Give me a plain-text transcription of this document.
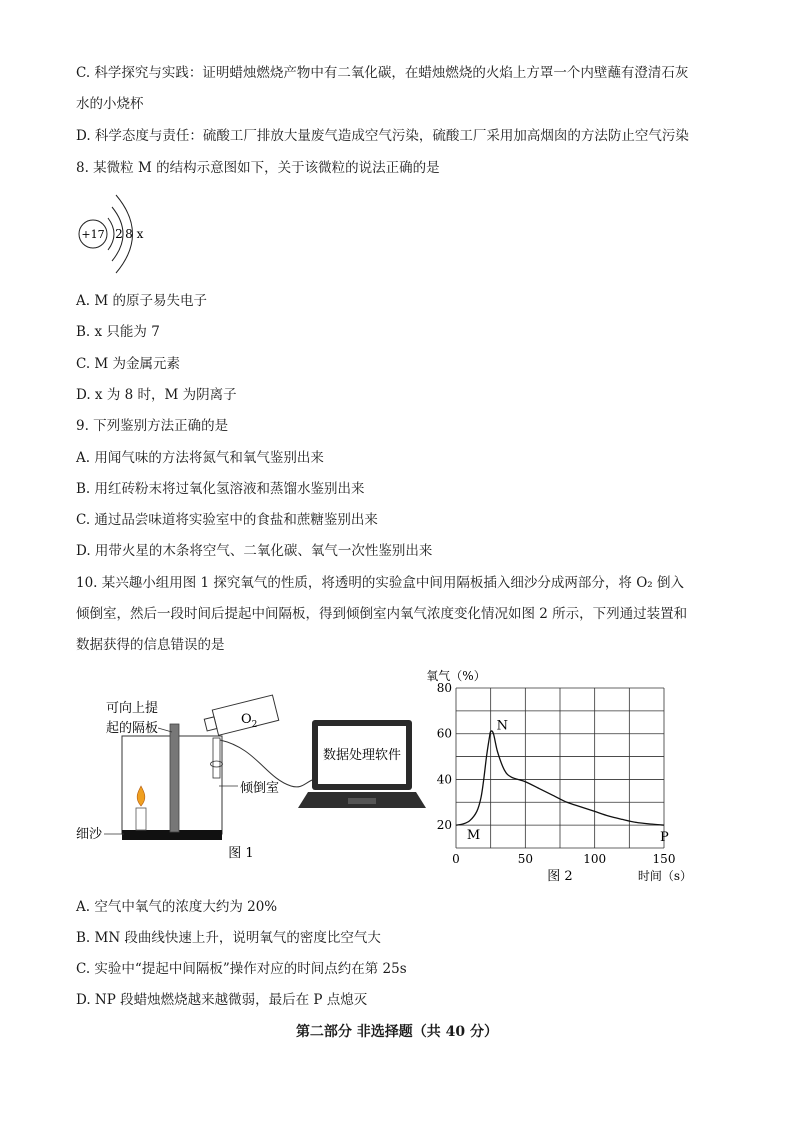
C. 科学探究与实践：证明蜡烛燃烧产物中有二氧化碳，在蜡烛燃烧的火焰上方罩一个内壁蘸有澄清石灰
水的小烧杯
D. 科学态度与责任：硫酸工厂排放大量废气造成空气污染，硫酸工厂采用加高烟囱的方法防止空气污染
8. 某微粒 M 的结构示意图如下，关于该微粒的说法正确的是
+17 2 8 x
A. M 的原子易失电子
B. x 只能为 7
C. M 为金属元素
D. x 为 8 时，M 为阴离子
9. 下列鉴别方法正确的是
A. 用闻气味的方法将氮气和氧气鉴别出来
B. 用红砖粉末将过氧化氢溶液和蒸馏水鉴别出来
C. 通过品尝味道将实验室中的食盐和蔗糖鉴别出来
D. 用带火星的木条将空气、二氧化碳、氧气一次性鉴别出来
10. 某兴趣小组用图 1 探究氧气的性质，将透明的实验盒中间用隔板插入细沙分成两部分，将 O₂ 倒入
倾倒室，然后一段时间后提起中间隔板，得到倾倒室内氧气浓度变化情况如图 2 所示，下列通过装置和
数据获得的信息错误的是
$O_2$
数据处理软件
可向上提
起的隔板
倾倒室
细沙
图 1	0	50	100	150
20
40
60
80
氧气（%）
时间（s）
M
N
P
图 2
A. 空气中氧气的浓度大约为 20%
B. MN 段曲线快速上升，说明氧气的密度比空气大
C. 实验中“提起中间隔板”操作对应的时间点约在第 25s
D. NP 段蜡烛燃烧越来越微弱，最后在 P 点熄灭
第二部分 非选择题（共 40 分）
